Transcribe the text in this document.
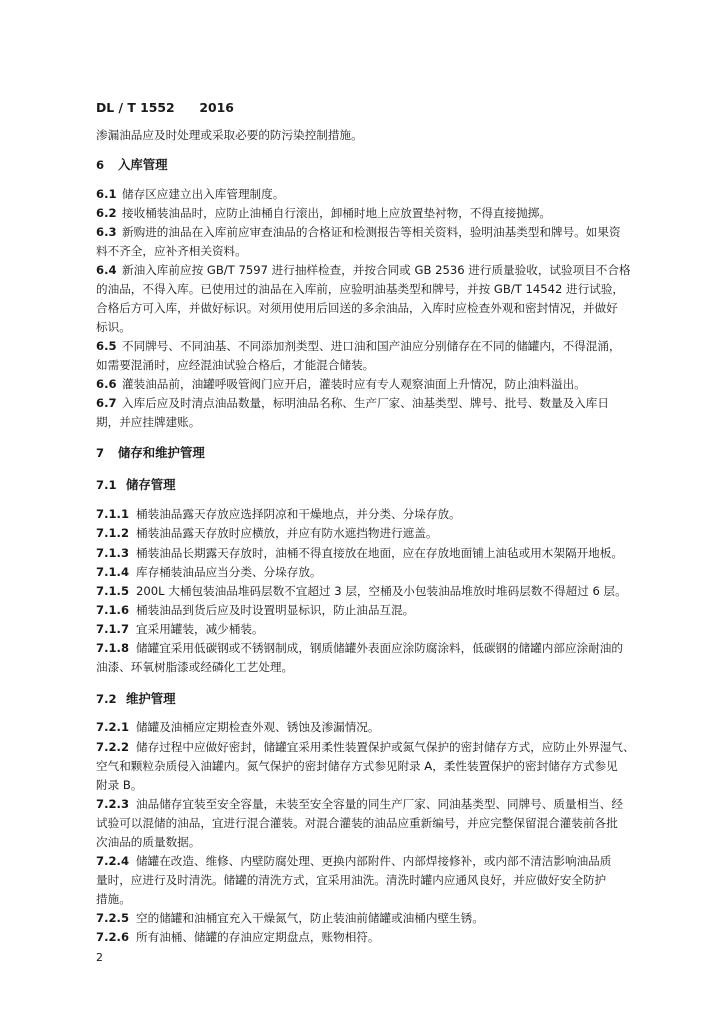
DL / T 1552　　2016
渗漏油品应及时处理或采取必要的防污染控制措施。
6 入库管理
6.1 储存区应建立出入库管理制度。
6.2 接收桶装油品时，应防止油桶自行滚出，卸桶时地上应放置垫衬物，不得直接抛掷。
6.3 新购进的油品在入库前应审查油品的合格证和检测报告等相关资料，验明油基类型和牌号。如果资
料不齐全，应补齐相关资料。
6.4 新油入库前应按 GB/T 7597 进行抽样检查，并按合同或 GB 2536 进行质量验收，试验项目不合格
的油品，不得入库。已使用过的油品在入库前，应验明油基类型和牌号，并按 GB/T 14542 进行试验，
合格后方可入库，并做好标识。对须用使用后回送的多余油品，入库时应检查外观和密封情况，并做好
标识。
6.5 不同牌号、不同油基、不同添加剂类型、进口油和国产油应分别储存在不同的储罐内，不得混涌，
如需要混涌时，应经混油试验合格后，才能混合储装。
6.6 灌装油品前，油罐呼吸管阀门应开启，灌装时应有专人观察油面上升情况，防止油料溢出。
6.7 入库后应及时清点油品数量，标明油品名称、生产厂家、油基类型、牌号、批号、数量及入库日
期，并应挂牌建账。
7 储存和维护管理
7.1 储存管理
7.1.1 桶装油品露天存放应选择阴凉和干燥地点，并分类、分垛存放。
7.1.2 桶装油品露天存放时应横放，并应有防水遮挡物进行遮盖。
7.1.3 桶装油品长期露天存放时，油桶不得直接放在地面，应在存放地面铺上油毡或用木架隔开地板。
7.1.4 库存桶装油品应当分类、分垛存放。
7.1.5 200L 大桶包装油品堆码层数不宜超过 3 层，空桶及小包装油品堆放时堆码层数不得超过 6 层。
7.1.6 桶装油品到货后应及时设置明显标识，防止油品互混。
7.1.7 宜采用罐装，减少桶装。
7.1.8 储罐宜采用低碳钢或不锈钢制成，钢质储罐外表面应涂防腐涂料，低碳钢的储罐内部应涂耐油的
油漆、环氧树脂漆或经磷化工艺处理。
7.2 维护管理
7.2.1 储罐及油桶应定期检查外观、锈蚀及渗漏情况。
7.2.2 储存过程中应做好密封，储罐宜采用柔性装置保护或氮气保护的密封储存方式，应防止外界湿气、
空气和颗粒杂质侵入油罐内。氮气保护的密封储存方式参见附录 A，柔性装置保护的密封储存方式参见
附录 B。
7.2.3 油品储存宜装至安全容量，未装至安全容量的同生产厂家、同油基类型、同牌号、质量相当、经
试验可以混储的油品，宜进行混合灌装。对混合灌装的油品应重新编号，并应完整保留混合灌装前各批
次油品的质量数据。
7.2.4 储罐在改造、维修、内壁防腐处理、更换内部附件、内部焊接修补，或内部不清洁影响油品质
量时，应进行及时清洗。储罐的清洗方式，宜采用油洗。清洗时罐内应通风良好，并应做好安全防护
措施。
7.2.5 空的储罐和油桶宜充入干燥氮气，防止装油前储罐或油桶内壁生锈。
7.2.6 所有油桶、储罐的存油应定期盘点，账物相符。
2
